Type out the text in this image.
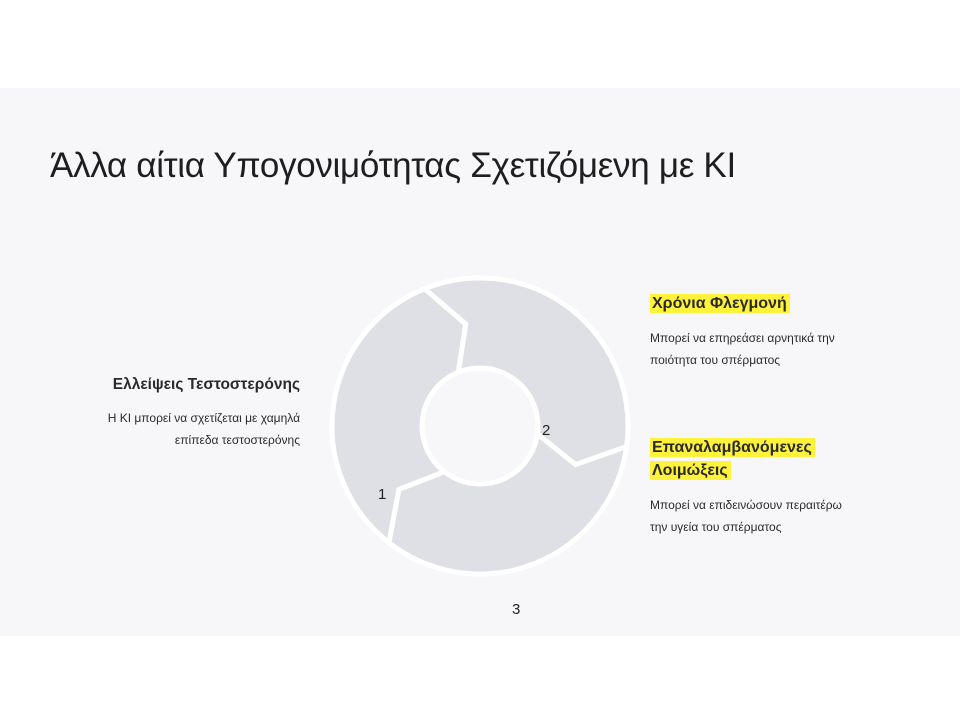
Άλλα αίτια Υπογονιμότητας Σχετιζόμενη με ΚΙ
1
2
3
Ελλείψεις Τεστοστερόνης
Η ΚΙ μπορεί να σχετίζεται με χαμηλά
επίπεδα τεστοστερόνης
Χρόνια Φλεγμονή
Μπορεί να επηρεάσει αρνητικά την
ποιότητα του σπέρματος
Επαναλαμβανόμενες
Λοιμώξεις
Μπορεί να επιδεινώσουν περαιτέρω
την υγεία του σπέρματος
